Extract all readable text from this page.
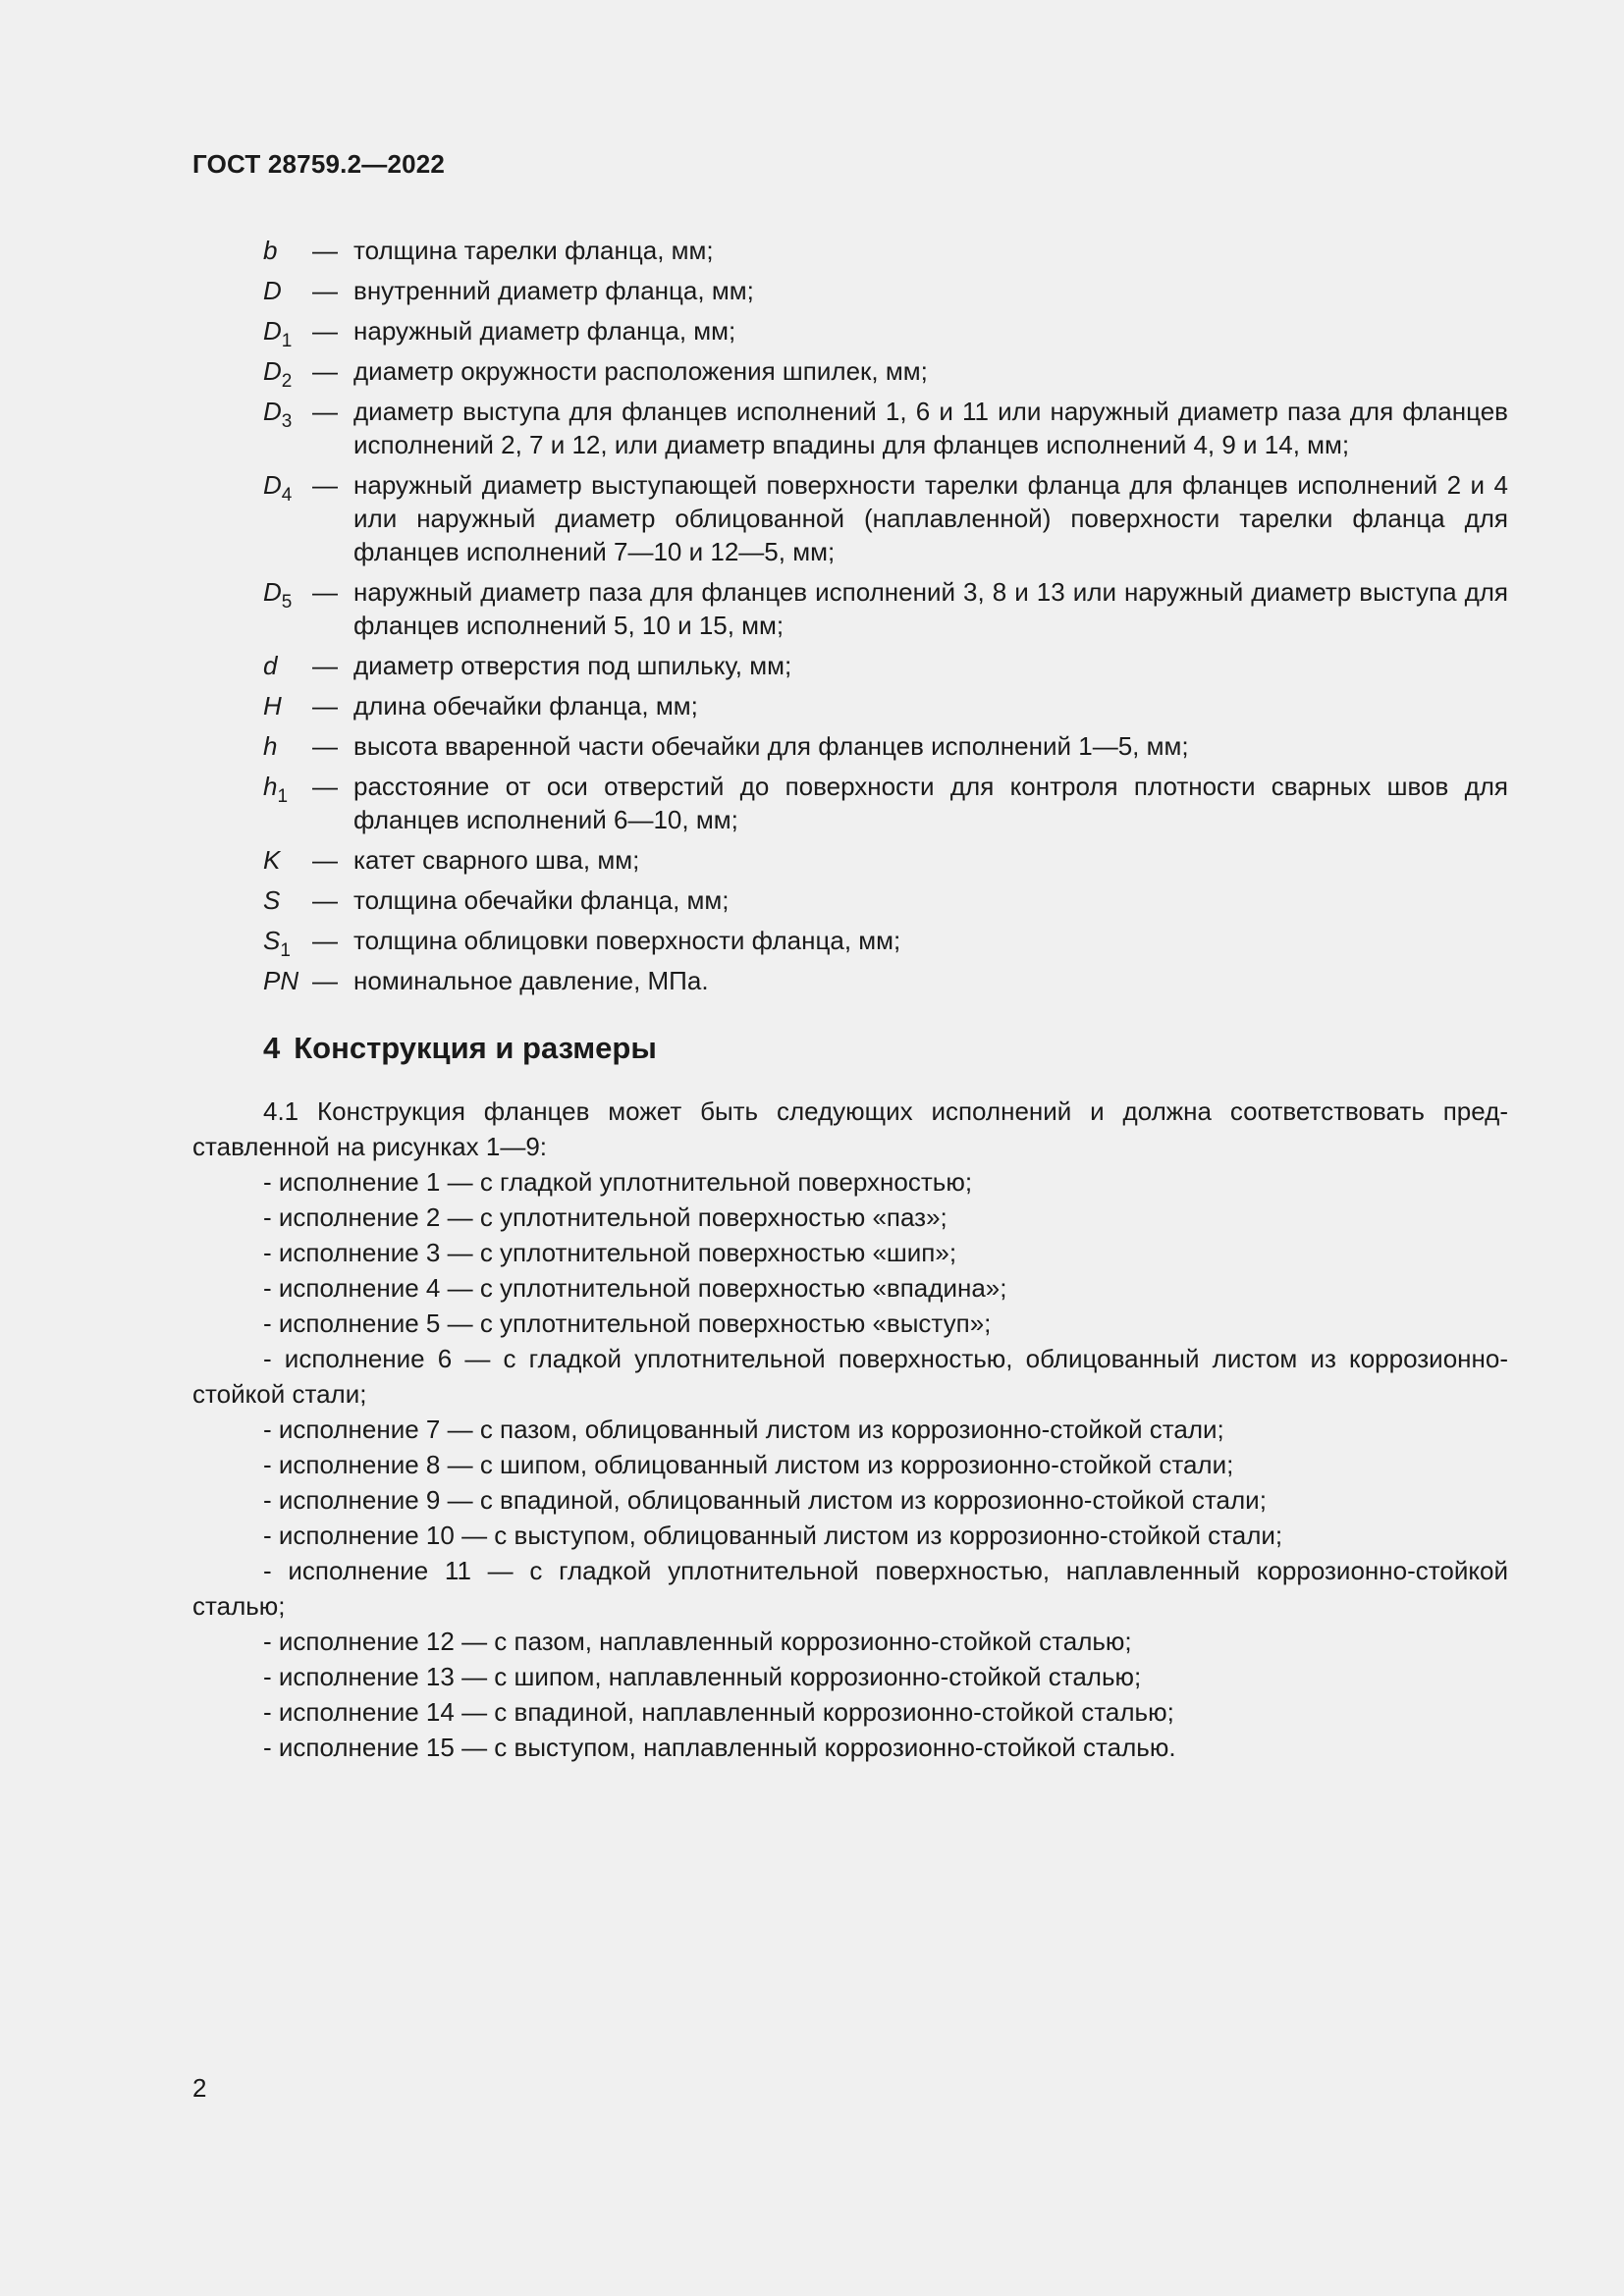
ГОСТ 28759.2—2022
b	— толщина тарелки фланца, мм;
D	— внутренний диаметр фланца, мм;
$D_1$ — наружный диаметр фланца, мм;
$D_2$ — диаметр окружности расположения шпилек, мм;
$D_3$ — диаметр выступа для фланцев исполнений 1, 6 и 11 или наружный диаметр паза для фланцев исполнений 2, 7 и 12, или диаметр впадины для фланцев исполнений 4, 9 и 14, мм;
$D_4$ — наружный диаметр выступающей поверхности тарелки фланца для фланцев исполнений 2 и 4 или наружный диаметр облицованной (наплавленной) поверхности тарелки фланца для фланцев исполнений 7—10 и 12—5, мм;
$D_5$ — наружный диаметр паза для фланцев исполнений 3, 8 и 13 или наружный диаметр выступа для фланцев исполнений 5, 10 и 15, мм;
d	— диаметр отверстия под шпильку, мм;
H	— длина обечайки фланца, мм;
h	— высота вваренной части обечайки для фланцев исполнений 1—5, мм;
$h_1$ — расстояние от оси отверстий до поверхности для контроля плотности сварных швов для фланцев исполнений 6—10, мм;
K	— катет сварного шва, мм;
S	— толщина обечайки фланца, мм;
$S_1$ — толщина облицовки поверхности фланца, мм;
PN — номинальное давление, МПа.
4 Конструкция и размеры

4.1 Конструкция фланцев может быть следующих исполнений и должна соответствовать представленной на рисунках 1—9:

- исполнение 1 — с гладкой уплотнительной поверхностью;

- исполнение 2 — с уплотнительной поверхностью «паз»;

- исполнение 3 — с уплотнительной поверхностью «шип»;

- исполнение 4 — с уплотнительной поверхностью «впадина»;

- исполнение 5 — с уплотнительной поверхностью «выступ»;

- исполнение 6 — с гладкой уплотнительной поверхностью, облицованный листом из коррозионно-стойкой стали;

- исполнение 7 — с пазом, облицованный листом из коррозионно-стойкой стали;

- исполнение 8 — с шипом, облицованный листом из коррозионно-стойкой стали;

- исполнение 9 — с впадиной, облицованный листом из коррозионно-стойкой стали;

- исполнение 10 — с выступом, облицованный листом из коррозионно-стойкой стали;

- исполнение 11 — с гладкой уплотнительной поверхностью, наплавленный коррозионно-стойкой сталью;

- исполнение 12 — с пазом, наплавленный коррозионно-стойкой сталью;

- исполнение 13 — с шипом, наплавленный коррозионно-стойкой сталью;

- исполнение 14 — с впадиной, наплавленный коррозионно-стойкой сталью;

- исполнение 15 — с выступом, наплавленный коррозионно-стойкой сталью.

2
